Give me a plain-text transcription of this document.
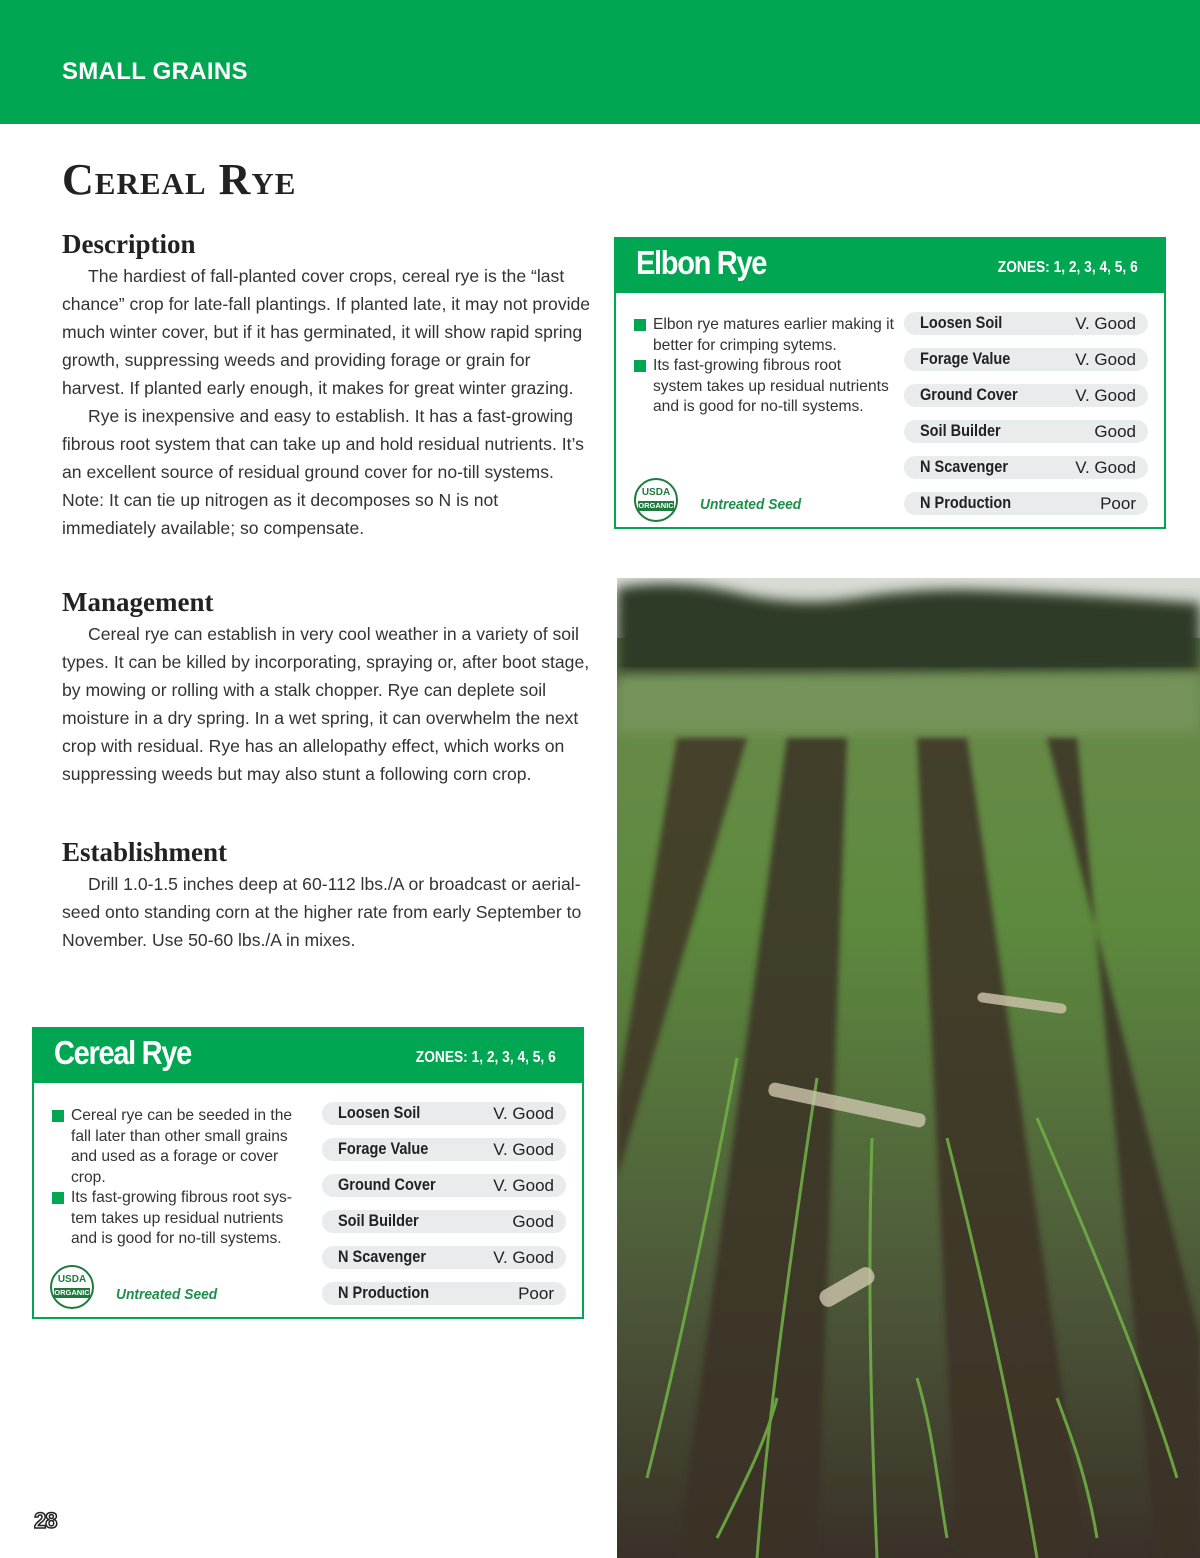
SMALL GRAINS
Cereal Rye
Description

The hardiest of fall-planted cover crops, cereal rye is the “last chance” crop for late-fall plantings. If planted late, it may not provide much winter cover, but if it has germinated, it will show rapid spring growth, suppressing weeds and providing forage or grain for harvest. If planted early enough, it makes for great winter grazing.

Rye is inexpensive and easy to establish. It has a fast-growing fibrous root system that can take up and hold residual nutrients. It’s an excellent source of residual ground cover for no-till systems. Note: It can tie up nitrogen as it decomposes so N is not immediately available; so compensate.

Management

Cereal rye can establish in very cool weather in a variety of soil types. It can be killed by incorporating, spraying or, after boot stage, by mowing or rolling with a stalk chopper. Rye can deplete soil moisture in a dry spring. In a wet spring, it can overwhelm the next crop with residual. Rye has an allelopathy effect, which works on suppressing weeds but may also stunt a following corn crop.

Establishment

Drill 1.0-1.5 inches deep at 60-112 lbs./A or broadcast or aerial-seed onto standing corn at the higher rate from early September to November. Use 50-60 lbs./A in mixes.

Elbon Rye	ZONES: 1, 2, 3, 4, 5, 6
Elbon rye matures earlier making it better for crimping sytems.
Its fast-growing fibrous root system takes up residual nutrients and is good for no-till systems.
USDA
ORGANIC Untreated Seed
Loosen Soil	V. Good
Forage Value	V. Good
Ground Cover	V. Good
Soil Builder	Good
N Scavenger	V. Good
N Production	Poor
Cereal Rye	ZONES: 1, 2, 3, 4, 5, 6
Cereal rye can be seeded in the fall later than other small grains and used as a forage or cover crop.
Its fast-growing fibrous root sys-tem takes up residual nutrients and is good for no-till systems.
USDA
ORGANIC Untreated Seed
Loosen Soil	V. Good
Forage Value	V. Good
Ground Cover	V. Good
Soil Builder	Good
N Scavenger	V. Good
N Production	Poor
28
